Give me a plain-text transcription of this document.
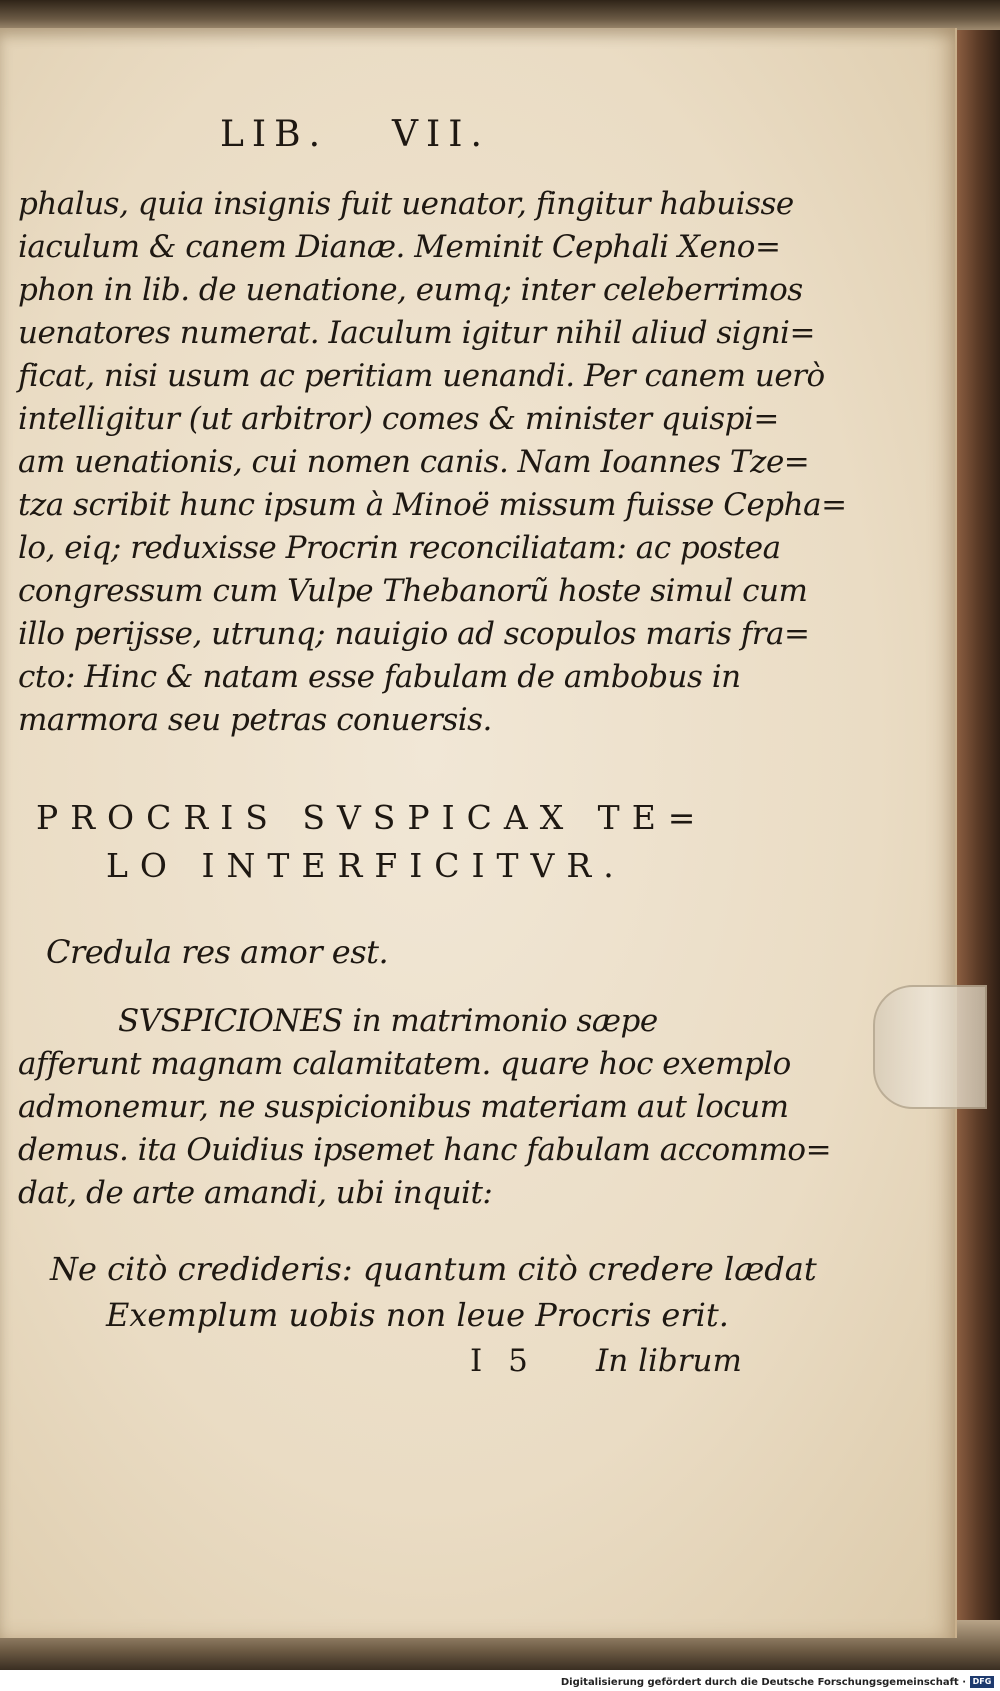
LIB. VII.
phalus, quia insignis fuit uenator, fingitur habuisse
iaculum & canem Dianæ. Meminit Cephali Xeno=
phon in lib. de uenatione, eumq; inter celeberrimos
uenatores numerat. Iaculum igitur nihil aliud signi=
ficat, nisi usum ac peritiam uenandi. Per canem uerò
intelligitur (ut arbitror) comes & minister quispi=
am uenationis, cui nomen canis. Nam Ioannes Tze=
tza scribit hunc ipsum à Minoë missum fuisse Cepha=
lo, eiq; reduxisse Procrin reconciliatam: ac postea
congressum cum Vulpe Thebanorũ hoste simul cum
illo perijsse, utrunq; nauigio ad scopulos maris fra=
cto: Hinc & natam esse fabulam de ambobus in
marmora seu petras conuersis.
PROCRIS SVSPICAX TE=
LO INTERFICITVR.
Credula res amor est.
SVSPICIONES in matrimonio sæpe
afferunt magnam calamitatem. quare hoc exemplo
admonemur, ne suspicionibus materiam aut locum
demus. ita Ouidius ipsemet hanc fabulam accommo=
dat, de arte amandi, ubi inquit:
Ne citò credideris: quantum citò credere lædat
Exemplum uobis non leue Procris erit.
I 5 In librum
Digitalisierung gefördert durch die Deutsche Forschungsgemeinschaft · DFG
